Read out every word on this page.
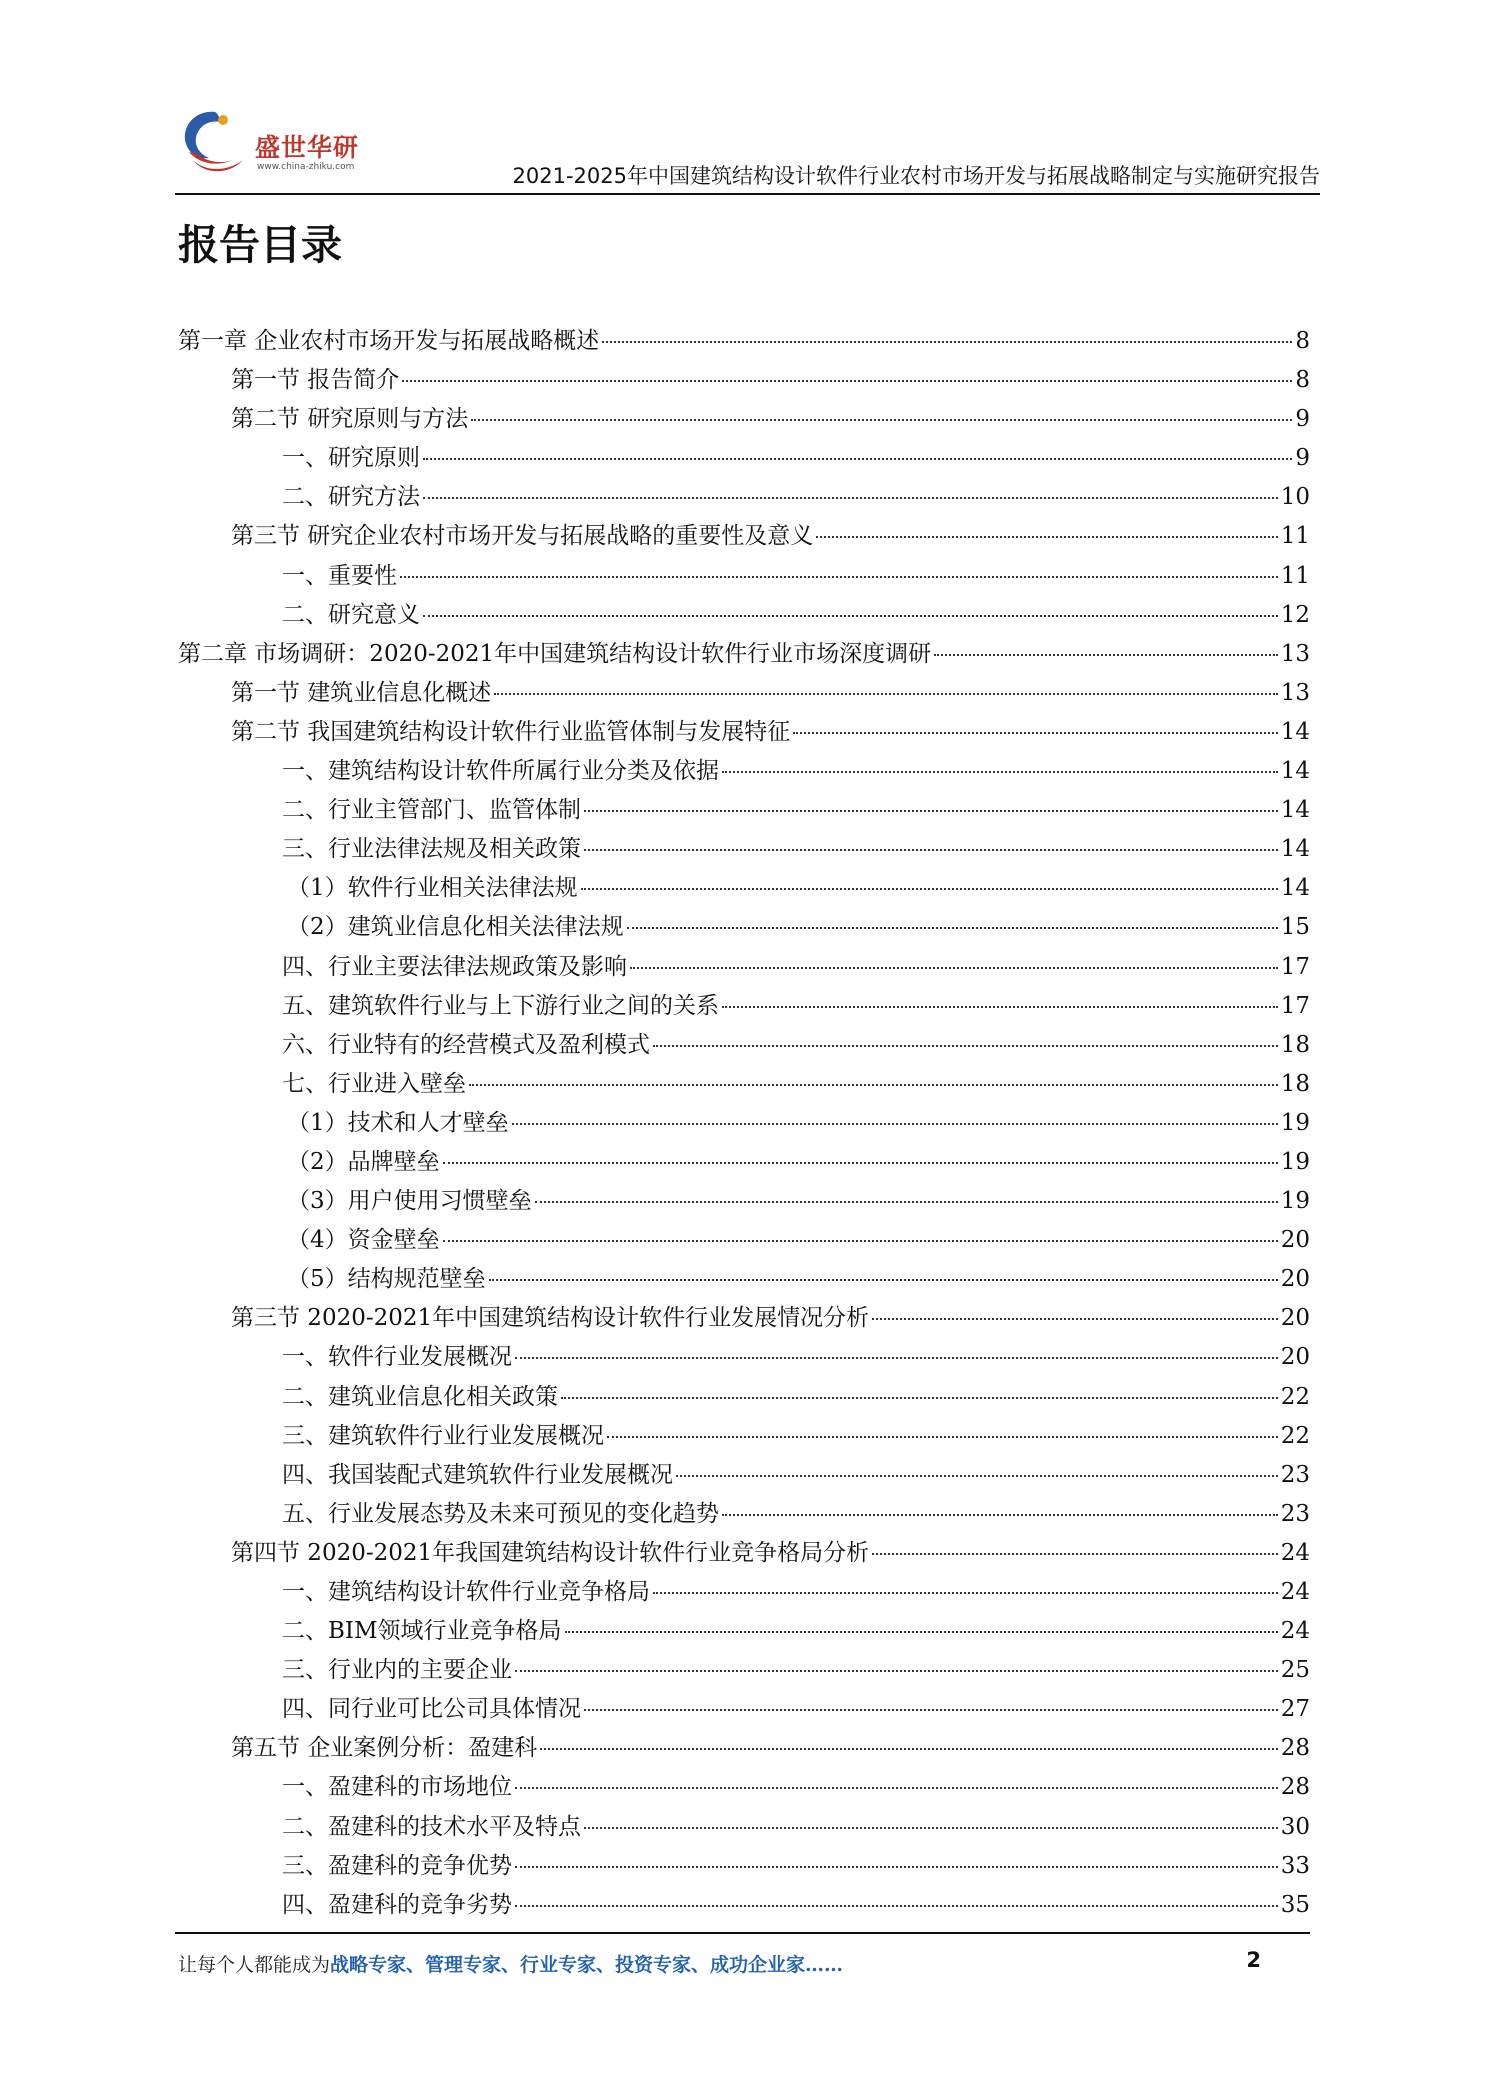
盛世华研
www.china-zhiku.com	2021-2025年中国建筑结构设计软件行业农村市场开发与拓展战略制定与实施研究报告
报告目录
第一章 企业农村市场开发与拓展战略概述	8
第一节 报告简介	8
第二节 研究原则与方法	9
一、研究原则	9
二、研究方法	10
第三节 研究企业农村市场开发与拓展战略的重要性及意义	11
一、重要性	11
二、研究意义	12
第二章 市场调研：2020-2021年中国建筑结构设计软件行业市场深度调研	13
第一节 建筑业信息化概述	13
第二节 我国建筑结构设计软件行业监管体制与发展特征	14
一、建筑结构设计软件所属行业分类及依据	14
二、行业主管部门、监管体制	14
三、行业法律法规及相关政策	14
（1）软件行业相关法律法规	14
（2）建筑业信息化相关法律法规	15
四、行业主要法律法规政策及影响	17
五、建筑软件行业与上下游行业之间的关系	17
六、行业特有的经营模式及盈利模式	18
七、行业进入壁垒	18
（1）技术和人才壁垒	19
（2）品牌壁垒	19
（3）用户使用习惯壁垒	19
（4）资金壁垒	20
（5）结构规范壁垒	20
第三节 2020-2021年中国建筑结构设计软件行业发展情况分析	20
一、软件行业发展概况	20
二、建筑业信息化相关政策	22
三、建筑软件行业行业发展概况	22
四、我国装配式建筑软件行业发展概况	23
五、行业发展态势及未来可预见的变化趋势	23
第四节 2020-2021年我国建筑结构设计软件行业竞争格局分析	24
一、建筑结构设计软件行业竞争格局	24
二、BIM领域行业竞争格局	24
三、行业内的主要企业	25
四、同行业可比公司具体情况	27
第五节 企业案例分析：盈建科	28
一、盈建科的市场地位	28
二、盈建科的技术水平及特点	30
三、盈建科的竞争优势	33
四、盈建科的竞争劣势	35
让每个人都能成为战略专家、管理专家、行业专家、投资专家、成功企业家……	2
